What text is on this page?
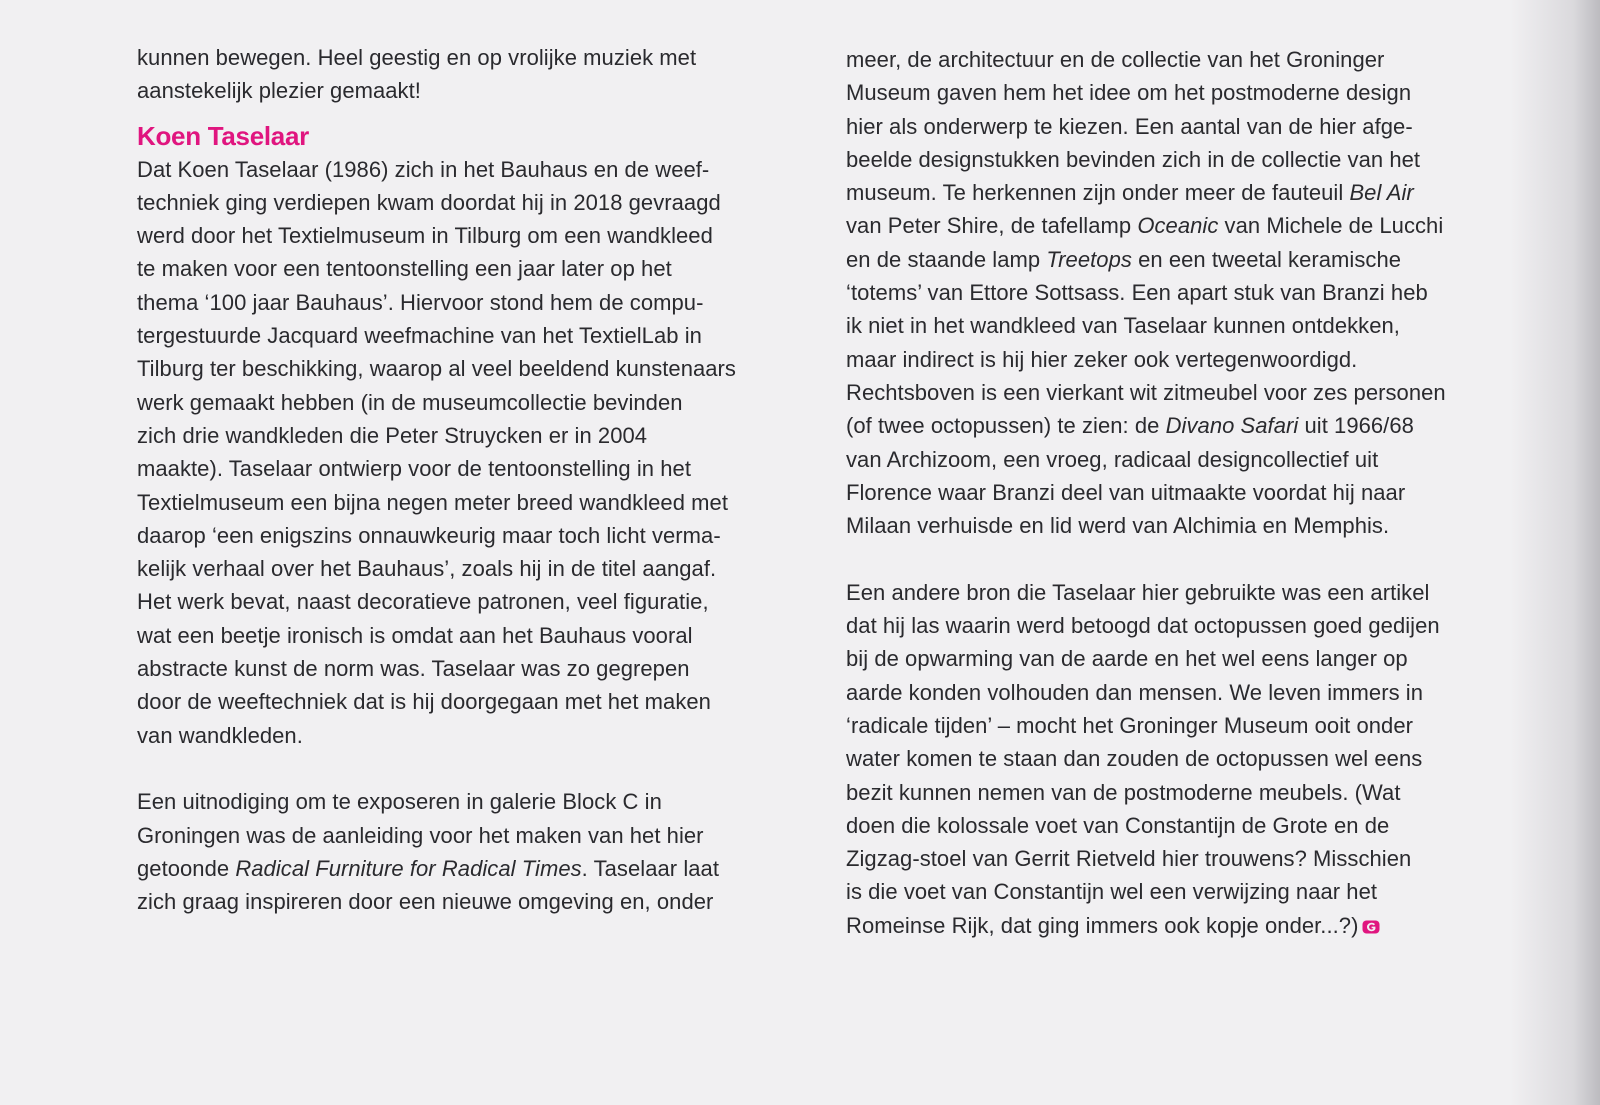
kunnen bewegen. Heel geestig en op vrolijke muziek met
aanstekelijk plezier gemaakt!
Koen Taselaar
Dat Koen Taselaar (1986) zich in het Bauhaus en de weef-
techniek ging verdiepen kwam doordat hij in 2018 gevraagd
werd door het Textielmuseum in Tilburg om een wandkleed
te maken voor een tentoonstelling een jaar later op het
thema ‘100 jaar Bauhaus’. Hiervoor stond hem de compu-
tergestuurde Jacquard weefmachine van het TextielLab in
Tilburg ter beschikking, waarop al veel beeldend kunstenaars
werk gemaakt hebben (in de museumcollectie bevinden
zich drie wandkleden die Peter Struycken er in 2004
maakte). Taselaar ontwierp voor de tentoonstelling in het
Textielmuseum een bijna negen meter breed wandkleed met
daarop ‘een enigszins onnauwkeurig maar toch licht verma-
kelijk verhaal over het Bauhaus’, zoals hij in de titel aangaf.
Het werk bevat, naast decoratieve patronen, veel figuratie,
wat een beetje ironisch is omdat aan het Bauhaus vooral
abstracte kunst de norm was. Taselaar was zo gegrepen
door de weeftechniek dat is hij doorgegaan met het maken
van wandkleden.
Een uitnodiging om te exposeren in galerie Block C in
Groningen was de aanleiding voor het maken van het hier
getoonde Radical Furniture for Radical Times. Taselaar laat
zich graag inspireren door een nieuwe omgeving en, onder
meer, de architectuur en de collectie van het Groninger
Museum gaven hem het idee om het postmoderne design
hier als onderwerp te kiezen. Een aantal van de hier afge-
beelde designstukken bevinden zich in de collectie van het
museum. Te herkennen zijn onder meer de fauteuil Bel Air
van Peter Shire, de tafellamp Oceanic van Michele de Lucchi
en de staande lamp Treetops en een tweetal keramische
‘totems’ van Ettore Sottsass. Een apart stuk van Branzi heb
ik niet in het wandkleed van Taselaar kunnen ontdekken,
maar indirect is hij hier zeker ook vertegenwoordigd.
Rechtsboven is een vierkant wit zitmeubel voor zes personen
(of twee octopussen) te zien: de Divano Safari uit 1966/68
van Archizoom, een vroeg, radicaal designcollectief uit
Florence waar Branzi deel van uitmaakte voordat hij naar
Milaan verhuisde en lid werd van Alchimia en Memphis.
Een andere bron die Taselaar hier gebruikte was een artikel
dat hij las waarin werd betoogd dat octopussen goed gedijen
bij de opwarming van de aarde en het wel eens langer op
aarde konden volhouden dan mensen. We leven immers in
‘radicale tijden’ – mocht het Groninger Museum ooit onder
water komen te staan dan zouden de octopussen wel eens
bezit kunnen nemen van de postmoderne meubels. (Wat
doen die kolossale voet van Constantijn de Grote en de
Zigzag-stoel van Gerrit Rietveld hier trouwens? Misschien
is die voet van Constantijn wel een verwijzing naar het
Romeinse Rijk, dat ging immers ook kopje onder...?)
